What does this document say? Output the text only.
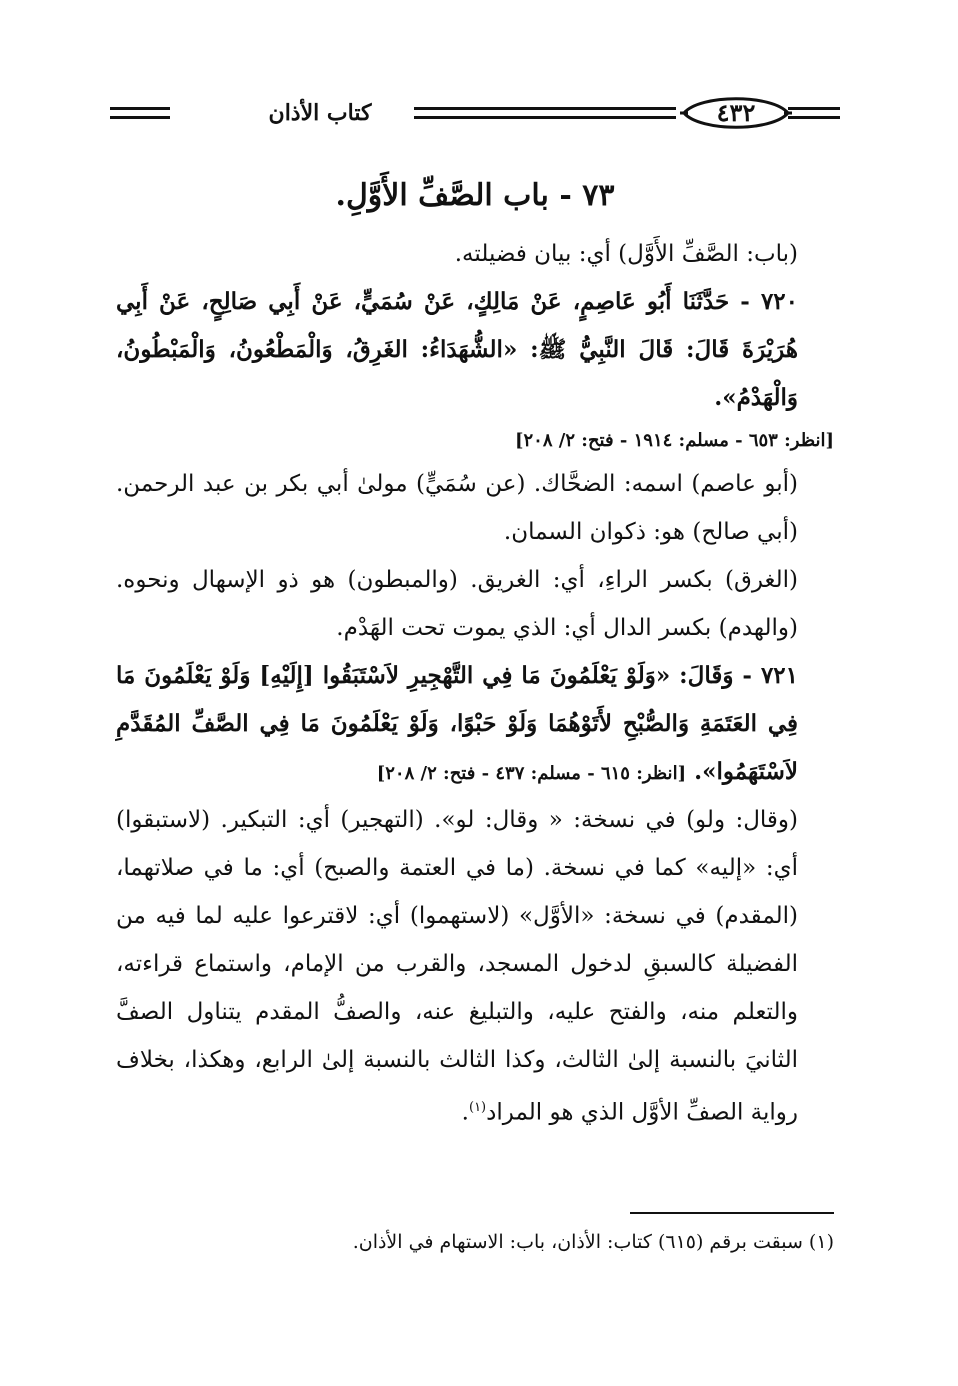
٤٣٢
كتاب الأذان
٧٣ - باب الصَّفِّ الأَوَّلِ.

(باب: الصَّفِّ الأَوَّل) أي: بيان فضيلته.

٧٢٠ - حَدَّثَنَا أَبُو عَاصِمٍ، عَنْ مَالِكٍ، عَنْ سُمَيٍّ، عَنْ أَبِي صَالِحٍ، عَنْ أَبِي هُرَيْرَةَ قَالَ: قَالَ النَّبِيُّ ﷺ: «الشُّهَدَاءُ: الغَرِقُ، وَالْمَطْعُونُ، وَالْمَبْطُونُ، وَالْهَدْمُ».

[انظر: ٦٥٣ - مسلم: ١٩١٤ - فتح: ٢/ ٢٠٨]

(أبو عاصم) اسمه: الضحَّاك. (عن سُمَيٍّ) مولىٰ أبي بكر بن عبد الرحمن. (أبي صالح) هو: ذكوان السمان.

(الغرق) بكسر الراءِ، أي: الغريق. (والمبطون) هو ذو الإسهال ونحوه. (والهدم) بكسر الدال أي: الذي يموت تحت الهَدْم.

٧٢١ - وَقَالَ: «وَلَوْ يَعْلَمُونَ مَا فِي التَّهْجِيرِ لاَسْتَبَقُوا [إِلَيْهِ] وَلَوْ يَعْلَمُونَ مَا فِي العَتَمَةِ وَالصُّبْحِ لأَتَوْهُمَا وَلَوْ حَبْوًا، وَلَوْ يَعْلَمُونَ مَا فِي الصَّفِّ المُقَدَّمِ لاَسْتَهَمُوا». [انظر: ٦١٥ - مسلم: ٤٣٧ - فتح: ٢/ ٢٠٨]

(وقال: ولو) في نسخة: « وقال: لو». (التهجير) أي: التبكير. (لاستبقوا) أي: «إليه» كما في نسخة. (ما في العتمة والصبح) أي: ما في صلاتهما، (المقدم) في نسخة: «الأوَّل» (لاستهموا) أي: لاقترعوا عليه لما فيه من الفضيلة كالسبقِ لدخول المسجد، والقرب من الإمام، واستماع قراءته، والتعلم منه، والفتح عليه، والتبليغ عنه، والصفُّ المقدم يتناول الصفَّ الثانيَ بالنسبة إلىٰ الثالث، وكذا الثالث بالنسبة إلىٰ الرابع، وهكذا، بخلاف رواية الصفِّ الأوَّل الذي هو المراد$^{(١)}$.

(١) سبقت برقم (٦١٥) كتاب: الأذان، باب: الاستهام في الأذان.
